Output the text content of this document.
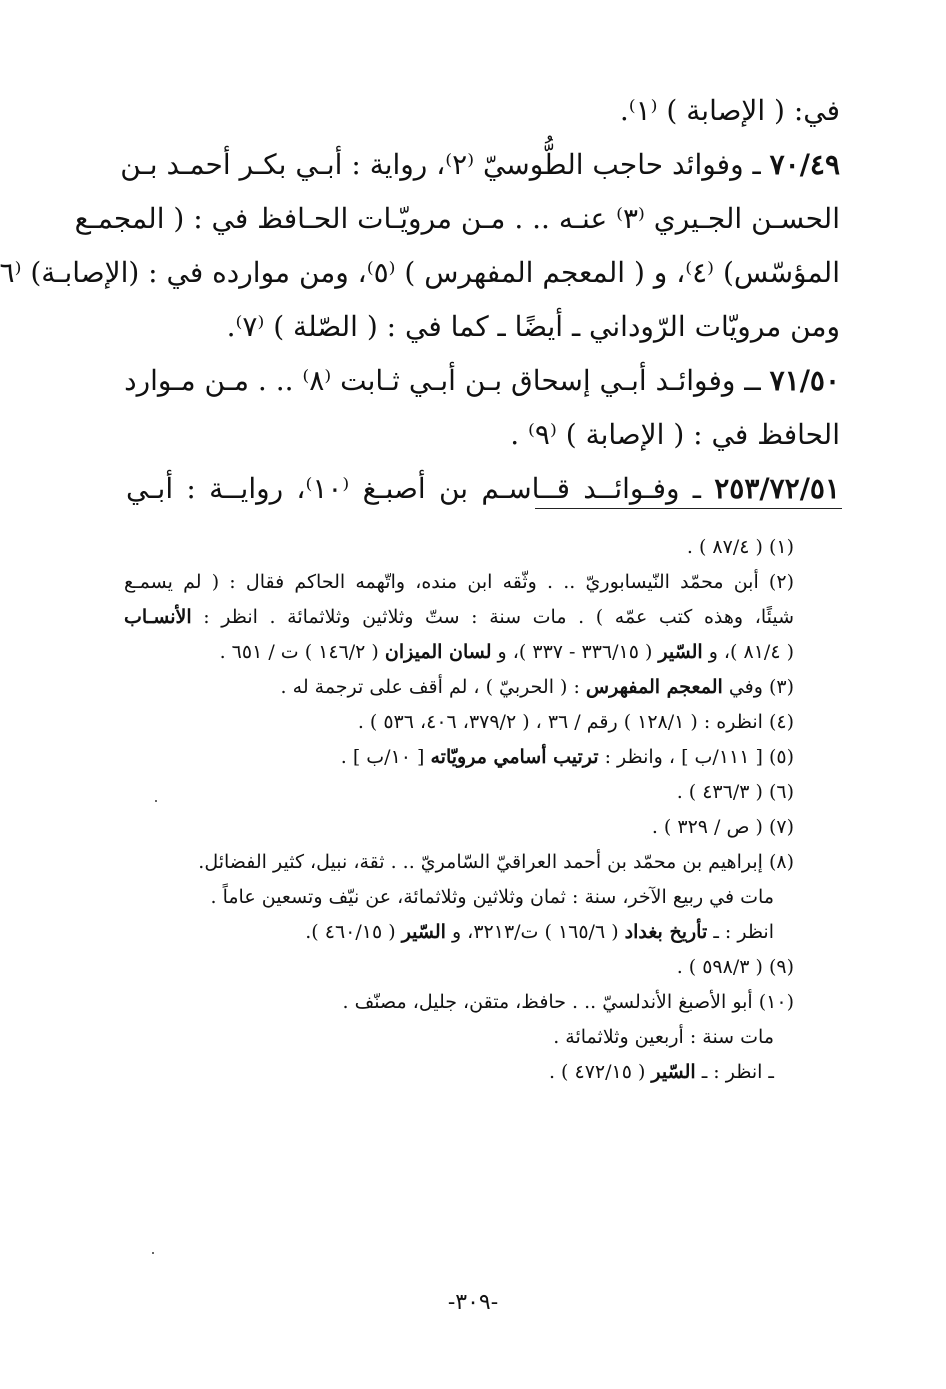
في: ( الإصابة ) ⁽١⁾.
٧٠/٤٩ ـ وفوائد حاجب الطُّوسيّ ⁽٢⁾، رواية : أبـي بكـر أحمـد بـن
الحسـن الجـيري ⁽٣⁾ عنـه .. . مـن مرويّـات الحـافظ في : ( المجمـع
المؤسّس) ⁽٤⁾، و ( المعجم المفهرس ) ⁽٥⁾، ومن موارده في : (الإصابـة) ⁽٦
ومن مرويّات الرّوداني ـ أيضًا ـ كما في : ( الصّلة ) ⁽٧⁾.
٧١/٥٠ ــ وفوائـد أبـي إسحاق بـن أبـي ثـابت ⁽٨⁾ .. . مـن مـوارد
الحافظ في : ( الإصابة ) ⁽٩⁾ .
٢٥٣/٧٢/٥١ ـ وفـوائــد قــاسـم بن أصبـغ ⁽١٠⁾، روايــة : أبـي
(١) ( ٨٧/٤ ) .
(٢) أبن محمّد النّيسابوريّ .. . وثّقه ابن منده، واتّهمه الحاكم فقال : ( لم يسمـع
شيئًا، وهذه كتب عمّه ) . مات سنة : ستّ وثلاثين وثلاثمائة . انظر : الأنسـاب
( ٨١/٤ )، و السّير ( ٣٣٦/١٥ - ٣٣٧ )، و لسان الميزان ( ١٤٦/٢ ) ت / ٦٥١ .
(٣) وفي المعجم المفهرس : ( الحربيّ ) ، لم أقف على ترجمة له .
(٤) انظره : ( ١٢٨/١ ) رقم / ٣٦ ، ( ٣٧٩/٢، ٤٠٦، ٥٣٦ ) .
(٥) [ ١١١/ب ] ، وانظر : ترتيب أسامي مرويّاته [ ١٠/ب ] .
(٦) ( ٤٣٦/٣ ) .
(٧) ( ص / ٣٢٩ ) .
(٨) إبراهيم بن محمّد بن أحمد العراقيّ السّامريّ .. . ثقة، نبيل، كثير الفضائل.
مات في ربيع الآخر، سنة : ثمان وثلاثين وثلاثمائة، عن نيّف وتسعين عاماً .
انظر : ـ تأريخ بغداد ( ١٦٥/٦ ) ت/٣٢١٣، و السّير ( ٤٦٠/١٥ ).
(٩) ( ٥٩٨/٣ ) .
(١٠) أبو الأصبغ الأندلسيّ .. . حافظ، متقن، جليل، مصنّف .
مات سنة : أربعين وثلاثمائة .
ـ انظر : ـ السّير ( ٤٧٢/١٥ ) .
-٣٠٩-
